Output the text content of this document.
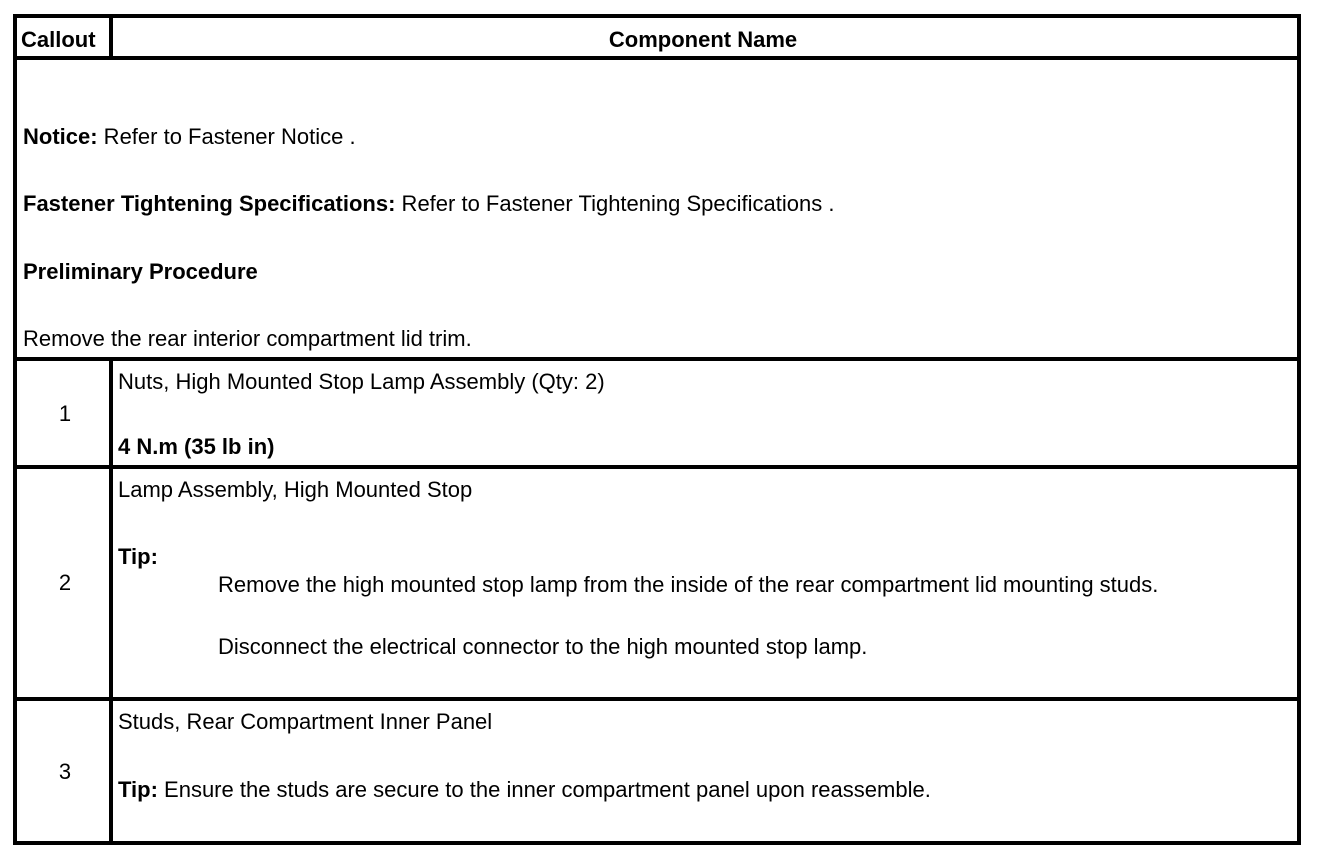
Callout	Component Name
Notice: Refer to Fastener Notice .
Fastener Tightening Specifications: Refer to Fastener Tightening Specifications .
Preliminary Procedure
Remove the rear interior compartment lid trim.
1
Nuts, High Mounted Stop Lamp Assembly (Qty: 2)
4 N.m (35 lb in)
2
Lamp Assembly, High Mounted Stop
Tip:
Remove the high mounted stop lamp from the inside of the rear compartment lid mounting studs.
Disconnect the electrical connector to the high mounted stop lamp.
3
Studs, Rear Compartment Inner Panel
Tip: Ensure the studs are secure to the inner compartment panel upon reassemble.
